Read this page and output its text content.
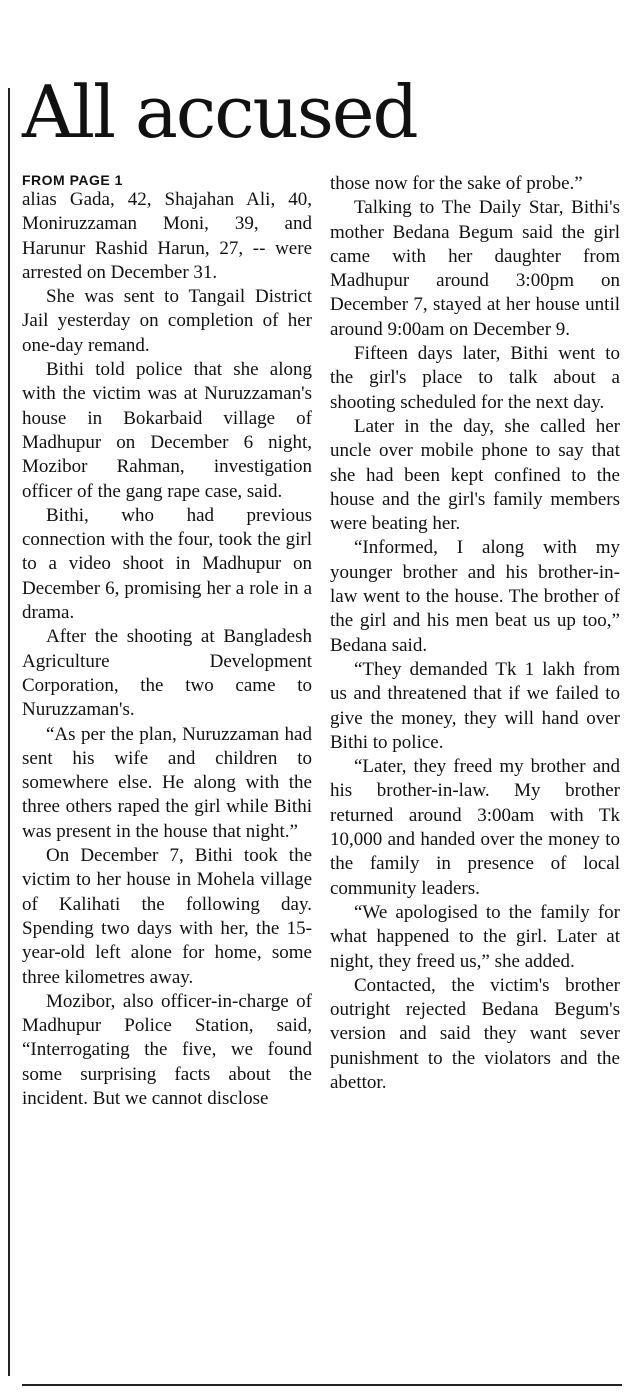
All accused
FROM PAGE 1

alias Gada, 42, Shajahan Ali, 40, Moniruzzaman Moni, 39, and Harunur Rashid Harun, 27, -- were arrested on December 31.

She was sent to Tangail District Jail yesterday on completion of her one-day remand.

Bithi told police that she along with the victim was at Nuruzzaman's house in Bokarbaid village of Madhupur on December 6 night, Mozibor Rahman, investigation officer of the gang rape case, said.

Bithi, who had previous connection with the four, took the girl to a video shoot in Madhupur on December 6, promising her a role in a drama.

After the shooting at Bangladesh Agriculture Development Corporation, the two came to Nuruzzaman's.

“As per the plan, Nuruzzaman had sent his wife and children to somewhere else. He along with the three others raped the girl while Bithi was present in the house that night.”

On December 7, Bithi took the victim to her house in Mohela village of Kalihati the following day. Spending two days with her, the 15-year-old left alone for home, some three kilometres away.

Mozibor, also officer-in-charge of Madhupur Police Station, said, “Interrogating the five, we found some surprising facts about the incident. But we cannot disclose

those now for the sake of probe.”

Talking to The Daily Star, Bithi's mother Bedana Begum said the girl came with her daughter from Madhupur around 3:00pm on December 7, stayed at her house until around 9:00am on December 9.

Fifteen days later, Bithi went to the girl's place to talk about a shooting scheduled for the next day.

Later in the day, she called her uncle over mobile phone to say that she had been kept confined to the house and the girl's family members were beating her.

“Informed, I along with my younger brother and his brother-in-law went to the house. The brother of the girl and his men beat us up too,” Bedana said.

“They demanded Tk 1 lakh from us and threatened that if we failed to give the money, they will hand over Bithi to police.

“Later, they freed my brother and his brother-in-law. My brother returned around 3:00am with Tk 10,000 and handed over the money to the family in presence of local community leaders.

“We apologised to the family for what happened to the girl. Later at night, they freed us,” she added.

Contacted, the victim's brother outright rejected Bedana Begum's version and said they want sever punishment to the violators and the abettor.
